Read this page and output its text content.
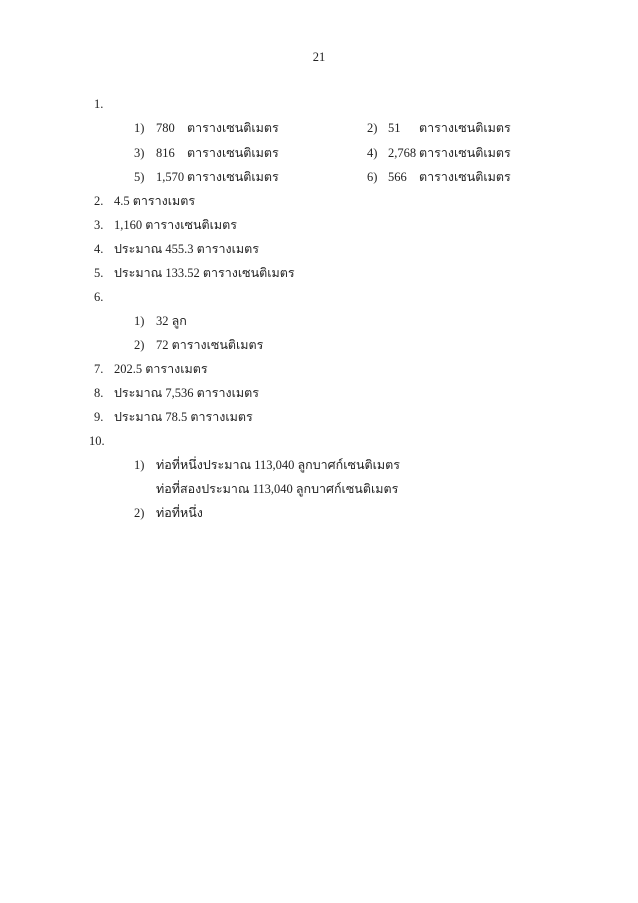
21
1.
1) 780 ตารางเซนติเมตร	2) 51 ตารางเซนติเมตร
3) 816 ตารางเซนติเมตร	4) 2,768 ตารางเซนติเมตร
5) 1,570 ตารางเซนติเมตร	6) 566 ตารางเซนติเมตร
2. 4.5 ตารางเมตร
3. 1,160 ตารางเซนติเมตร
4. ประมาณ 455.3 ตารางเมตร
5. ประมาณ 133.52 ตารางเซนติเมตร
6.
1) 32 ลูก
2) 72 ตารางเซนติเมตร
7. 202.5 ตารางเมตร
8. ประมาณ 7,536 ตารางเมตร
9. ประมาณ 78.5 ตารางเมตร
10.
1) ท่อที่หนึ่งประมาณ 113,040 ลูกบาศก์เซนติเมตร
ท่อที่สองประมาณ 113,040 ลูกบาศก์เซนติเมตร
2) ท่อที่หนึ่ง
